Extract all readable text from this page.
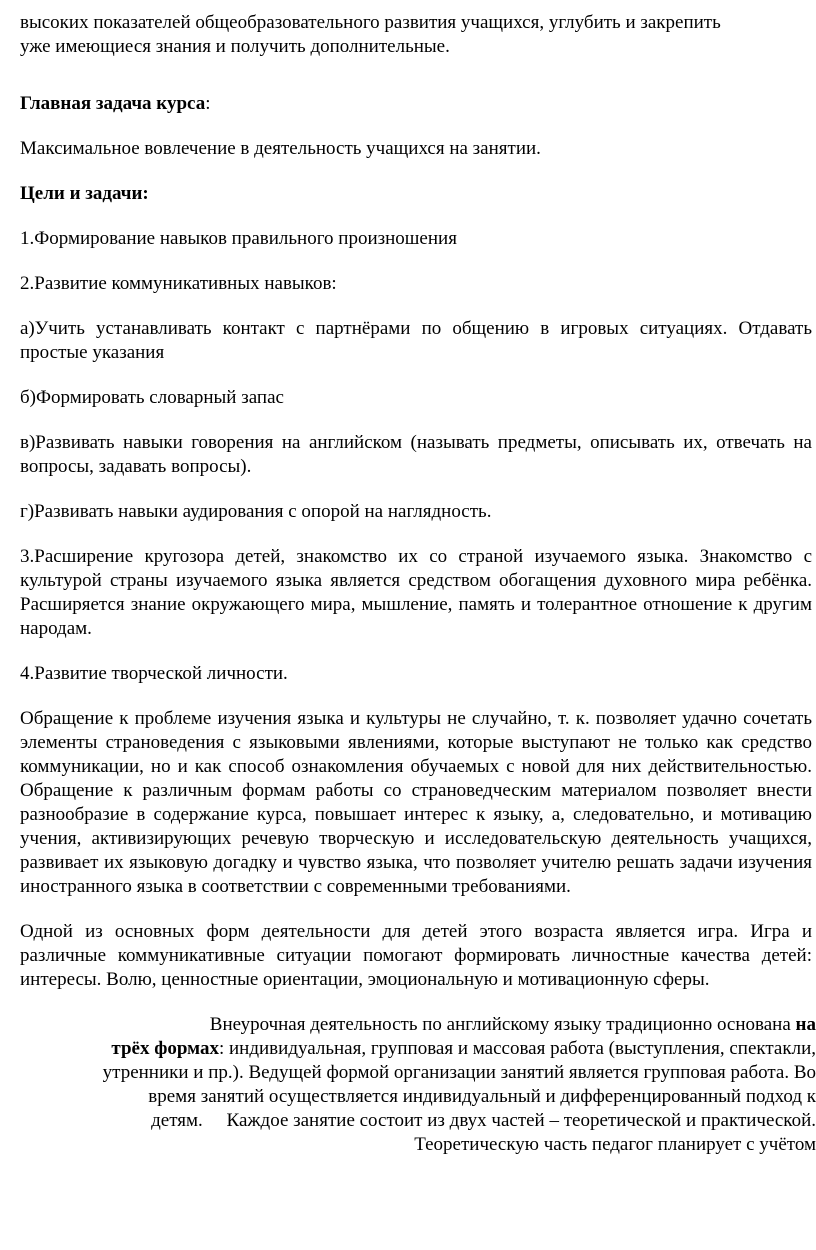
высоких показателей общеобразовательного развития учащихся, углубить и закрепить
уже имеющиеся знания и получить дополнительные.

Главная задача курса:

Максимальное вовлечение в деятельность учащихся на занятии.

Цели и задачи:

1.Формирование навыков правильного произношения

2.Развитие коммуникативных навыков:

а)Учить устанавливать контакт с партнёрами по общению в игровых ситуациях. Отдавать простые указания

б)Формировать словарный запас

в)Развивать навыки говорения на английском (называть предметы, описывать их, отвечать на вопросы, задавать вопросы).

г)Развивать навыки аудирования с опорой на наглядность.

3.Расширение кругозора детей, знакомство их со страной изучаемого языка. Знакомство с культурой страны изучаемого языка является средством обогащения духовного мира ребёнка. Расширяется знание окружающего мира, мышление, память и толерантное отношение к другим народам.

4.Развитие творческой личности.

Обращение к проблеме изучения языка и культуры не случайно, т. к. позволяет удачно сочетать элементы страноведения с языковыми явлениями, которые выступают не только как средство коммуникации, но и как способ ознакомления обучаемых с новой для них действительностью. Обращение к различным формам работы со страноведческим материалом позволяет внести разнообразие в содержание курса, повышает интерес к языку, а, следовательно, и мотивацию учения, активизирующих речевую творческую и исследовательскую деятельность учащихся, развивает их языковую догадку и чувство языка, что позволяет учителю решать задачи изучения иностранного языка в соответствии с современными требованиями.

Одной из основных форм деятельности для детей этого возраста является игра. Игра и различные коммуникативные ситуации помогают формировать личностные качества детей: интересы. Волю, ценностные ориентации, эмоциональную и мотивационную сферы.

Внеурочная деятельность по английскому языку традиционно основана на
трёх формах: индивидуальная, групповая и массовая работа (выступления, спектакли,
утренники и пр.). Ведущей формой организации занятий является групповая работа. Во
время занятий осуществляется индивидуальный и дифференцированный подход к
детям.     Каждое занятие состоит из двух частей – теоретической и практической.
Теоретическую часть педагог планирует с учётом
